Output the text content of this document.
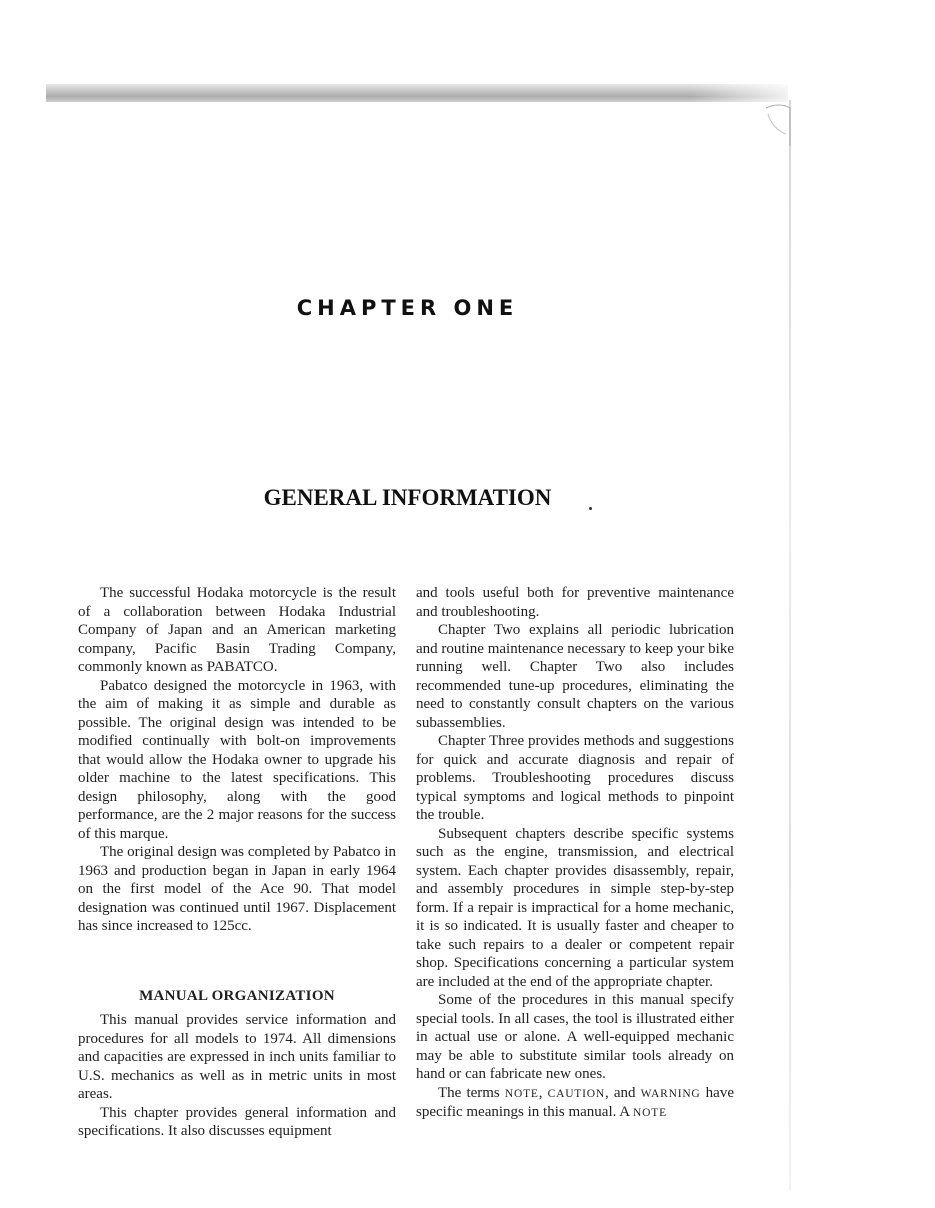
CHAPTER ONE
GENERAL INFORMATION

The successful Hodaka motorcycle is the result of a collaboration between Hodaka Industrial Company of Japan and an American marketing company, Pacific Basin Trading Company, commonly known as PABATCO.

Pabatco designed the motorcycle in 1963, with the aim of making it as simple and durable as possible. The original design was intended to be modified continually with bolt-on improvements that would allow the Hodaka owner to upgrade his older machine to the latest specifications. This design philosophy, along with the good performance, are the 2 major reasons for the success of this marque.

The original design was completed by Pabatco in 1963 and production began in Japan in early 1964 on the first model of the Ace 90. That model designation was continued until 1967. Displacement has since increased to 125cc.

MANUAL ORGANIZATION

This manual provides service information and procedures for all models to 1974. All dimensions and capacities are expressed in inch units familiar to U.S. mechanics as well as in metric units in most areas.

This chapter provides general information and specifications. It also discusses equipment

and tools useful both for preventive maintenance and troubleshooting.

Chapter Two explains all periodic lubrication and routine maintenance necessary to keep your bike running well. Chapter Two also includes recommended tune-up procedures, eliminating the need to constantly consult chapters on the various subassemblies.

Chapter Three provides methods and suggestions for quick and accurate diagnosis and repair of problems. Troubleshooting procedures discuss typical symptoms and logical methods to pinpoint the trouble.

Subsequent chapters describe specific systems such as the engine, transmission, and electrical system. Each chapter provides disassembly, repair, and assembly procedures in simple step-by-step form. If a repair is impractical for a home mechanic, it is so indicated. It is usually faster and cheaper to take such repairs to a dealer or competent repair shop. Specifications concerning a particular system are included at the end of the appropriate chapter.

Some of the procedures in this manual specify special tools. In all cases, the tool is illustrated either in actual use or alone. A well-equipped mechanic may be able to substitute similar tools already on hand or can fabricate new ones.

The terms NOTE, CAUTION, and WARNING have specific meanings in this manual. A NOTE
